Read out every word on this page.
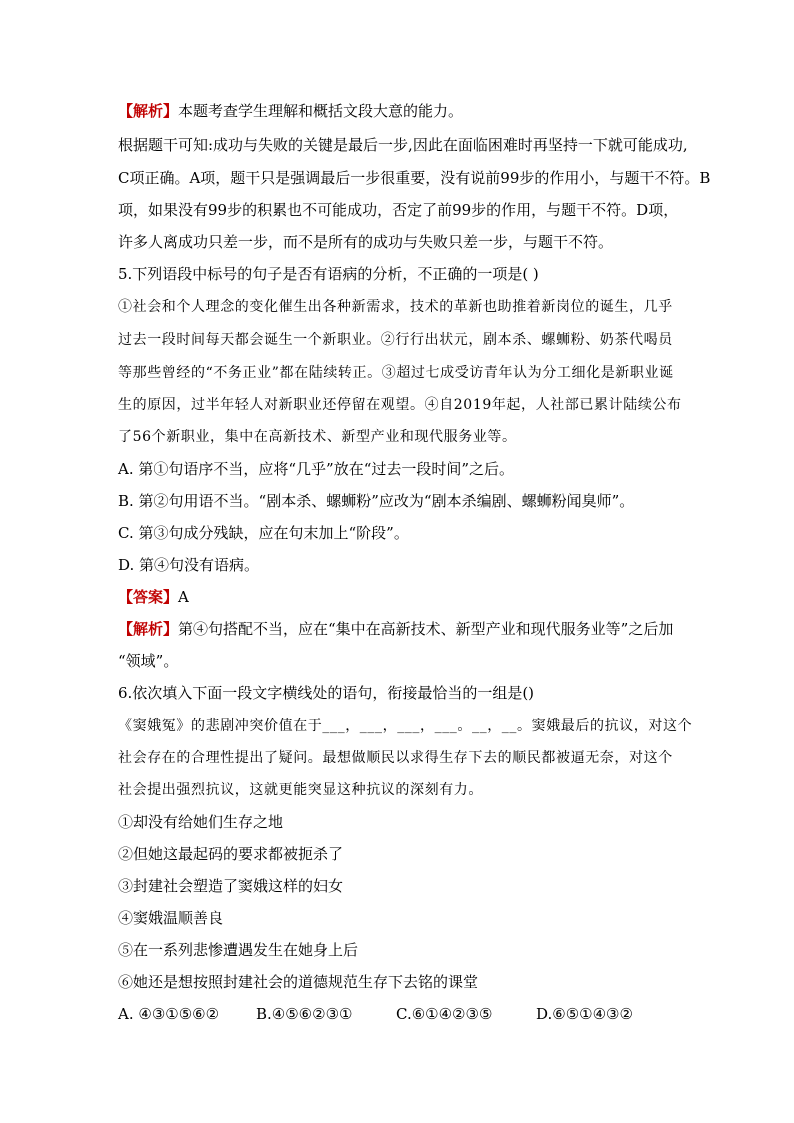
【解析】本题考查学生理解和概括文段大意的能力。
根据题干可知:成功与失败的关键是最后一步,因此在面临困难时再坚持一下就可能成功,
C项正确。A项，题干只是强调最后一步很重要，没有说前99步的作用小，与题干不符。B
项，如果没有99步的积累也不可能成功，否定了前99步的作用，与题干不符。D项，
许多人离成功只差一步，而不是所有的成功与失败只差一步，与题干不符。
5.下列语段中标号的句子是否有语病的分析，不正确的一项是( )
①社会和个人理念的变化催生出各种新需求，技术的革新也助推着新岗位的诞生，几乎
过去一段时间每天都会诞生一个新职业。②行行出状元，剧本杀、螺蛳粉、奶茶代喝员
等那些曾经的“不务正业”都在陆续转正。③超过七成受访青年认为分工细化是新职业诞
生的原因，过半年轻人对新职业还停留在观望。④自2019年起，人社部已累计陆续公布
了56个新职业，集中在高新技术、新型产业和现代服务业等。
A. 第①句语序不当，应将“几乎”放在“过去一段时间”之后。
B. 第②句用语不当。“剧本杀、螺蛳粉”应改为“剧本杀编剧、螺蛳粉闻臭师”。
C. 第③句成分残缺，应在句末加上“阶段”。
D. 第④句没有语病。
【答案】A
【解析】第④句搭配不当，应在“集中在高新技术、新型产业和现代服务业等”之后加
“领域”。
6.依次填入下面一段文字横线处的语句，衔接最恰当的一组是()
《窦娥冤》的悲剧冲突价值在于___，___，___，___。__，__。窦娥最后的抗议，对这个
社会存在的合理性提出了疑问。最想做顺民以求得生存下去的顺民都被逼无奈，对这个
社会提出强烈抗议，这就更能突显这种抗议的深刻有力。
①却没有给她们生存之地
②但她这最起码的要求都被扼杀了
③封建社会塑造了窦娥这样的妇女
④窦娥温顺善良
⑤在一系列悲惨遭遇发生在她身上后
⑥她还是想按照封建社会的道德规范生存下去铭的课堂
A. ④③①⑤⑥② B.④⑤⑥②③①	C.⑥①④②③⑤	D.⑥⑤①④③②
